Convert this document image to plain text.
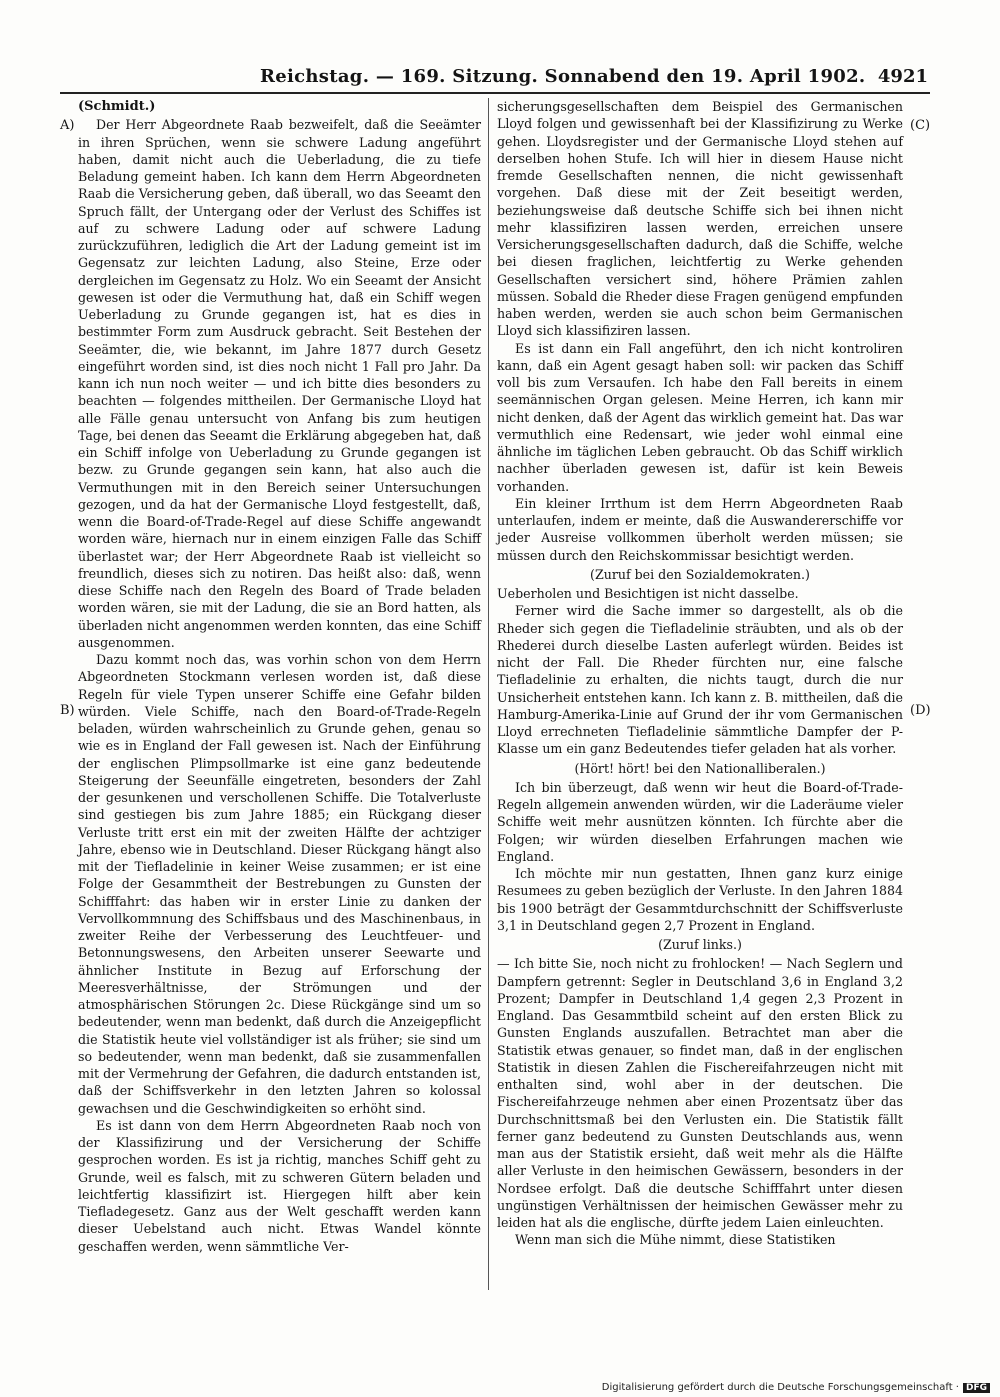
Reichstag. — 169. Sitzung. Sonnabend den 19. April 1902. 4921
A)
B)
(C)
(D)
(Schmidt.)

Der Herr Abgeordnete Raab bezweifelt, daß die Seeämter in ihren Sprüchen, wenn sie schwere Ladung angeführt haben, damit nicht auch die Ueberladung, die zu tiefe Beladung gemeint haben. Ich kann dem Herrn Abgeordneten Raab die Versicherung geben, daß überall, wo das Seeamt den Spruch fällt, der Untergang oder der Verlust des Schiffes ist auf zu schwere Ladung oder auf schwere Ladung zurückzuführen, lediglich die Art der Ladung gemeint ist im Gegensatz zur leichten Ladung, also Steine, Erze oder dergleichen im Gegensatz zu Holz. Wo ein Seeamt der Ansicht gewesen ist oder die Vermuthung hat, daß ein Schiff wegen Ueberladung zu Grunde gegangen ist, hat es dies in bestimmter Form zum Ausdruck gebracht. Seit Bestehen der Seeämter, die, wie bekannt, im Jahre 1877 durch Gesetz eingeführt worden sind, ist dies noch nicht 1 Fall pro Jahr. Da kann ich nun noch weiter — und ich bitte dies besonders zu beachten — folgendes mittheilen. Der Germanische Lloyd hat alle Fälle genau untersucht von Anfang bis zum heutigen Tage, bei denen das Seeamt die Erklärung abgegeben hat, daß ein Schiff infolge von Ueberladung zu Grunde gegangen ist bezw. zu Grunde gegangen sein kann, hat also auch die Vermuthungen mit in den Bereich seiner Untersuchungen gezogen, und da hat der Germanische Lloyd festgestellt, daß, wenn die Board-of-Trade-Regel auf diese Schiffe angewandt worden wäre, hiernach nur in einem einzigen Falle das Schiff überlastet war; der Herr Abgeordnete Raab ist vielleicht so freundlich, dieses sich zu notiren. Das heißt also: daß, wenn diese Schiffe nach den Regeln des Board of Trade beladen worden wären, sie mit der Ladung, die sie an Bord hatten, als überladen nicht angenommen werden konnten, das eine Schiff ausgenommen.

Dazu kommt noch das, was vorhin schon von dem Herrn Abgeordneten Stockmann verlesen worden ist, daß diese Regeln für viele Typen unserer Schiffe eine Gefahr bilden würden. Viele Schiffe, nach den Board-of-Trade-Regeln beladen, würden wahrscheinlich zu Grunde gehen, genau so wie es in England der Fall gewesen ist. Nach der Einführung der englischen Plimpsollmarke ist eine ganz bedeutende Steigerung der Seeunfälle eingetreten, besonders der Zahl der gesunkenen und verschollenen Schiffe. Die Totalverluste sind gestiegen bis zum Jahre 1885; ein Rückgang dieser Verluste tritt erst ein mit der zweiten Hälfte der achtziger Jahre, ebenso wie in Deutschland. Dieser Rückgang hängt also mit der Tiefladelinie in keiner Weise zusammen; er ist eine Folge der Gesammtheit der Bestrebungen zu Gunsten der Schifffahrt: das haben wir in erster Linie zu danken der Vervollkommnung des Schiffsbaus und des Maschinenbaus, in zweiter Reihe der Verbesserung des Leuchtfeuer- und Betonnungswesens, den Arbeiten unserer Seewarte und ähnlicher Institute in Bezug auf Erforschung der Meeresverhältnisse, der Strömungen und der atmosphärischen Störungen 2c. Diese Rückgänge sind um so bedeutender, wenn man bedenkt, daß durch die Anzeigepflicht die Statistik heute viel vollständiger ist als früher; sie sind um so bedeutender, wenn man bedenkt, daß sie zusammenfallen mit der Vermehrung der Gefahren, die dadurch entstanden ist, daß der Schiffsverkehr in den letzten Jahren so kolossal gewachsen und die Geschwindigkeiten so erhöht sind.

Es ist dann von dem Herrn Abgeordneten Raab noch von der Klassifizirung und der Versicherung der Schiffe gesprochen worden. Es ist ja richtig, manches Schiff geht zu Grunde, weil es falsch, mit zu schweren Gütern beladen und leichtfertig klassifizirt ist. Hiergegen hilft aber kein Tiefladegesetz. Ganz aus der Welt geschafft werden kann dieser Uebelstand auch nicht. Etwas Wandel könnte geschaffen werden, wenn sämmtliche Ver-

sicherungsgesellschaften dem Beispiel des Germanischen Lloyd folgen und gewissenhaft bei der Klassifizirung zu Werke gehen. Lloydsregister und der Germanische Lloyd stehen auf derselben hohen Stufe. Ich will hier in diesem Hause nicht fremde Gesellschaften nennen, die nicht gewissenhaft vorgehen. Daß diese mit der Zeit beseitigt werden, beziehungsweise daß deutsche Schiffe sich bei ihnen nicht mehr klassifiziren lassen werden, erreichen unsere Versicherungsgesellschaften dadurch, daß die Schiffe, welche bei diesen fraglichen, leichtfertig zu Werke gehenden Gesellschaften versichert sind, höhere Prämien zahlen müssen. Sobald die Rheder diese Fragen genügend empfunden haben werden, werden sie auch schon beim Germanischen Lloyd sich klassifiziren lassen.

Es ist dann ein Fall angeführt, den ich nicht kontroliren kann, daß ein Agent gesagt haben soll: wir packen das Schiff voll bis zum Versaufen. Ich habe den Fall bereits in einem seemännischen Organ gelesen. Meine Herren, ich kann mir nicht denken, daß der Agent das wirklich gemeint hat. Das war vermuthlich eine Redensart, wie jeder wohl einmal eine ähnliche im täglichen Leben gebraucht. Ob das Schiff wirklich nachher überladen gewesen ist, dafür ist kein Beweis vorhanden.

Ein kleiner Irrthum ist dem Herrn Abgeordneten Raab unterlaufen, indem er meinte, daß die Auswandererschiffe vor jeder Ausreise vollkommen überholt werden müssen; sie müssen durch den Reichskommissar besichtigt werden.

(Zuruf bei den Sozialdemokraten.)

Ueberholen und Besichtigen ist nicht dasselbe.

Ferner wird die Sache immer so dargestellt, als ob die Rheder sich gegen die Tiefladelinie sträubten, und als ob der Rhederei durch dieselbe Lasten auferlegt würden. Beides ist nicht der Fall. Die Rheder fürchten nur, eine falsche Tiefladelinie zu erhalten, die nichts taugt, durch die nur Unsicherheit entstehen kann. Ich kann z. B. mittheilen, daß die Hamburg-Amerika-Linie auf Grund der ihr vom Germanischen Lloyd errechneten Tiefladelinie sämmtliche Dampfer der P-Klasse um ein ganz Bedeutendes tiefer geladen hat als vorher.

(Hört! hört! bei den Nationalliberalen.)

Ich bin überzeugt, daß wenn wir heut die Board-of-Trade-Regeln allgemein anwenden würden, wir die Laderäume vieler Schiffe weit mehr ausnützen könnten. Ich fürchte aber die Folgen; wir würden dieselben Erfahrungen machen wie England.

Ich möchte mir nun gestatten, Ihnen ganz kurz einige Resumees zu geben bezüglich der Verluste. In den Jahren 1884 bis 1900 beträgt der Gesammtdurchschnitt der Schiffsverluste 3,1 in Deutschland gegen 2,7 Prozent in England.

(Zuruf links.)

— Ich bitte Sie, noch nicht zu frohlocken! — Nach Seglern und Dampfern getrennt: Segler in Deutschland 3,6 in England 3,2 Prozent; Dampfer in Deutschland 1,4 gegen 2,3 Prozent in England. Das Gesammtbild scheint auf den ersten Blick zu Gunsten Englands auszufallen. Betrachtet man aber die Statistik etwas genauer, so findet man, daß in der englischen Statistik in diesen Zahlen die Fischereifahrzeugen nicht mit enthalten sind, wohl aber in der deutschen. Die Fischereifahrzeuge nehmen aber einen Prozentsatz über das Durchschnittsmaß bei den Verlusten ein. Die Statistik fällt ferner ganz bedeutend zu Gunsten Deutschlands aus, wenn man aus der Statistik ersieht, daß weit mehr als die Hälfte aller Verluste in den heimischen Gewässern, besonders in der Nordsee erfolgt. Daß die deutsche Schifffahrt unter diesen ungünstigen Verhältnissen der heimischen Gewässer mehr zu leiden hat als die englische, dürfte jedem Laien einleuchten.

Wenn man sich die Mühe nimmt, diese Statistiken

Digitalisierung gefördert durch die Deutsche Forschungsgemeinschaft · DFG
